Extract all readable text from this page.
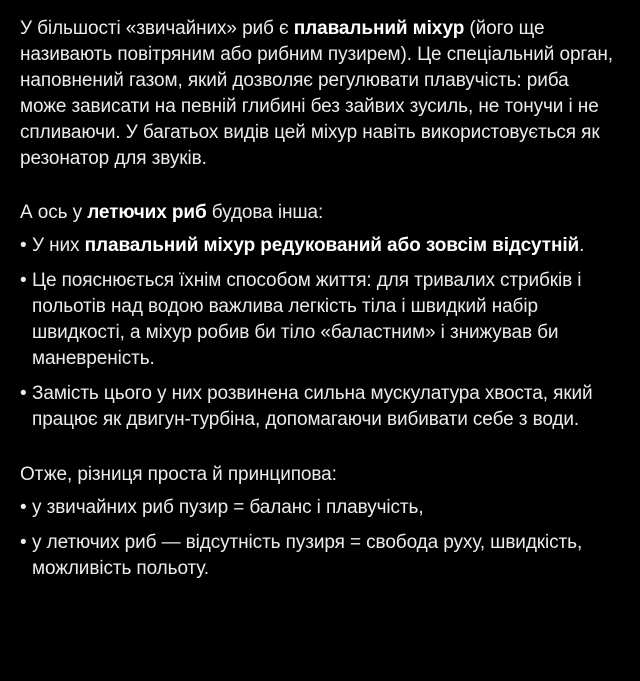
У більшості «звичайних» риб є плавальний міхур (його ще називають повітряним або рибним пузирем). Це спеціальний орган, наповнений газом, який дозволяє регулювати плавучість: риба може зависати на певній глибині без зайвих зусиль, не тонучи і не спливаючи. У багатьох видів цей міхур навіть використовується як резонатор для звуків.

А ось у летючих риб будова інша:

• У них плавальний міхур редукований або зовсім відсутній.
• Це пояснюється їхнім способом життя: для тривалих стрибків і польотів над водою важлива легкість тіла і швидкий набір швидкості, а міхур робив би тіло «баластним» і знижував би маневреність.
• Замість цього у них розвинена сильна мускулатура хвоста, який працює як двигун-турбіна, допомагаючи вибивати себе з води.

Отже, різниця проста й принципова:

• у звичайних риб пузир = баланс і плавучість,
• у летючих риб — відсутність пузиря = свобода руху, швидкість, можливість польоту.
